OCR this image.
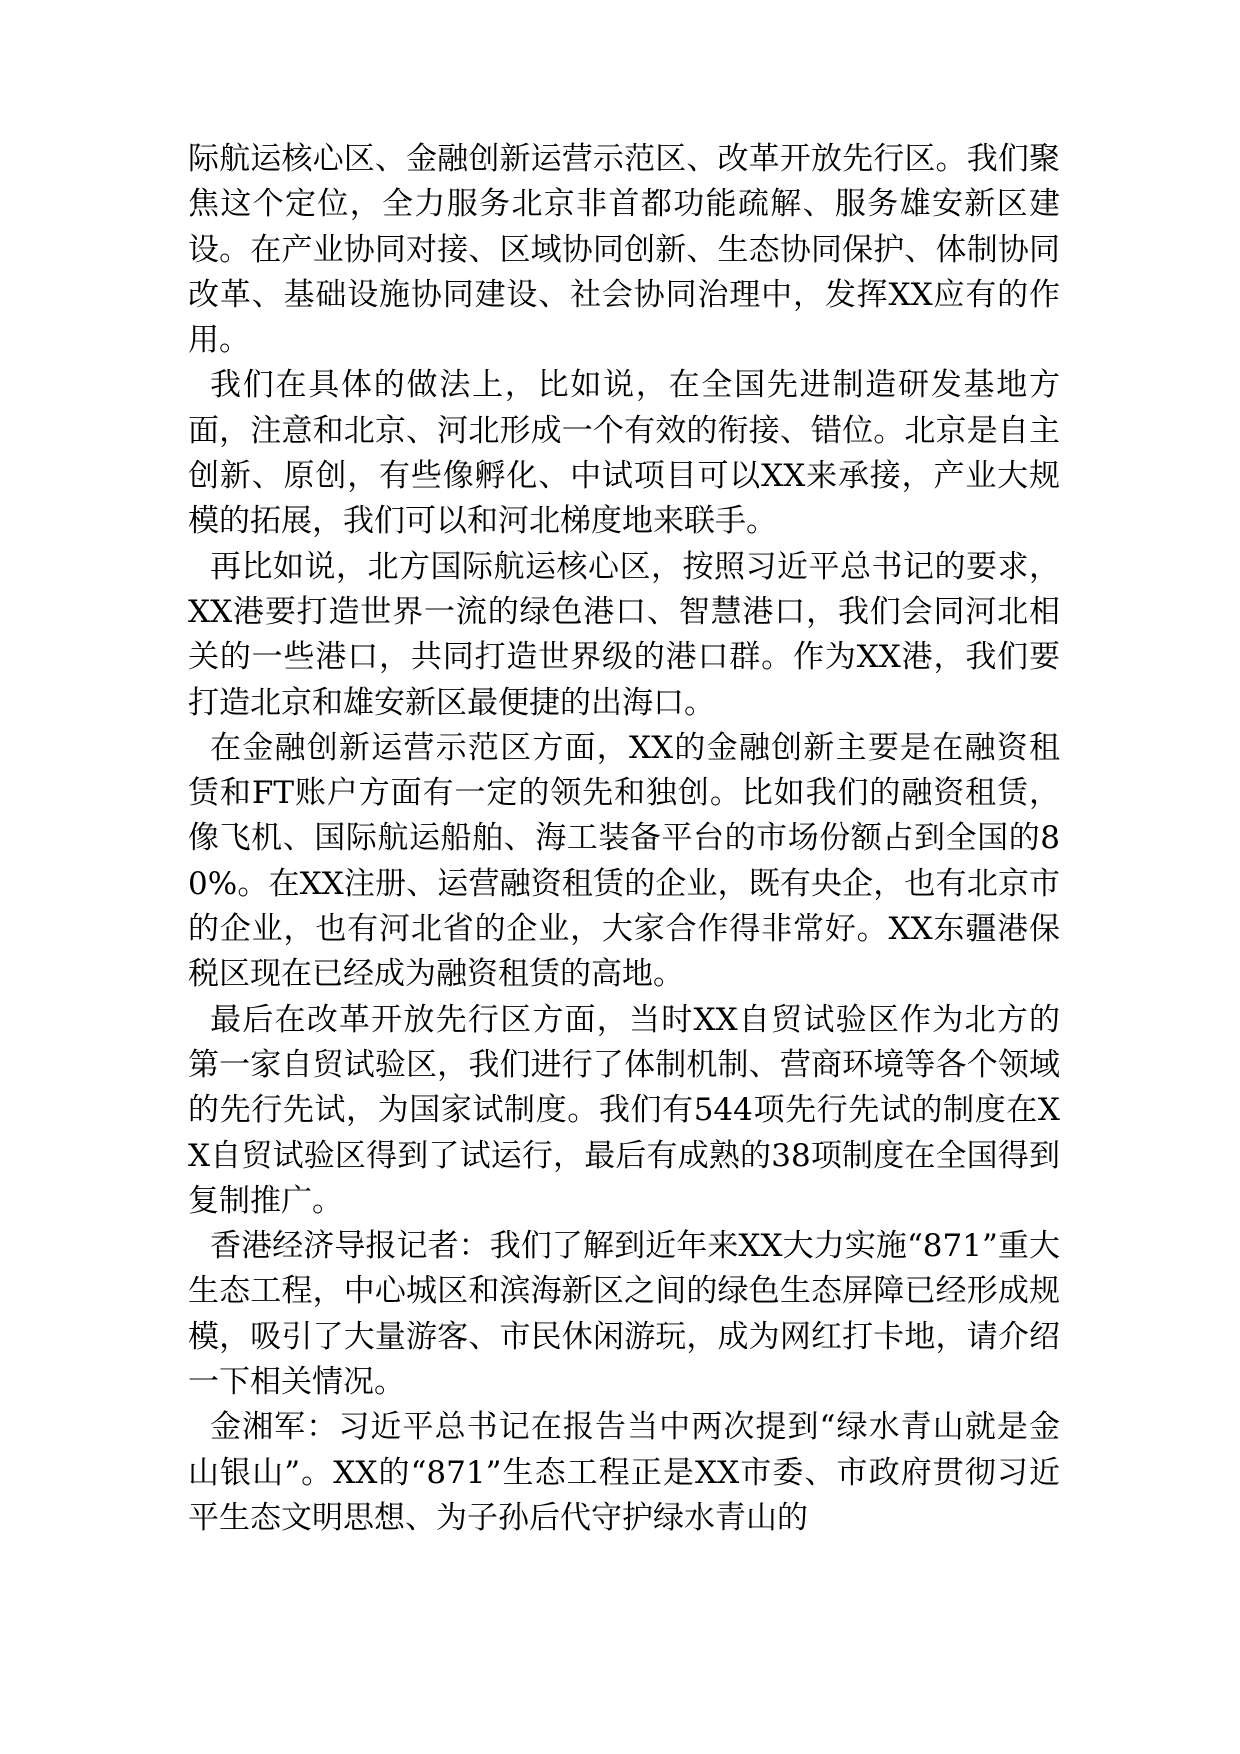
际航运核心区、金融创新运营示范区、改革开放先行区。我们聚焦这个定位，全力服务北京非首都功能疏解、服务雄安新区建设。在产业协同对接、区域协同创新、生态协同保护、体制协同改革、基础设施协同建设、社会协同治理中，发挥XX应有的作用。

我们在具体的做法上，比如说，在全国先进制造研发基地方面，注意和北京、河北形成一个有效的衔接、错位。北京是自主创新、原创，有些像孵化、中试项目可以XX来承接，产业大规模的拓展，我们可以和河北梯度地来联手。

再比如说，北方国际航运核心区，按照习近平总书记的要求，XX港要打造世界一流的绿色港口、智慧港口，我们会同河北相关的一些港口，共同打造世界级的港口群。作为XX港，我们要打造北京和雄安新区最便捷的出海口。

在金融创新运营示范区方面，XX的金融创新主要是在融资租赁和FT账户方面有一定的领先和独创。比如我们的融资租赁，像飞机、国际航运船舶、海工装备平台的市场份额占到全国的80%。在XX注册、运营融资租赁的企业，既有央企，也有北京市的企业，也有河北省的企业，大家合作得非常好。XX东疆港保税区现在已经成为融资租赁的高地。

最后在改革开放先行区方面，当时XX自贸试验区作为北方的第一家自贸试验区，我们进行了体制机制、营商环境等各个领域的先行先试，为国家试制度。我们有544项先行先试的制度在XX自贸试验区得到了试运行，最后有成熟的38项制度在全国得到复制推广。

香港经济导报记者：我们了解到近年来XX大力实施“871”重大生态工程，中心城区和滨海新区之间的绿色生态屏障已经形成规模，吸引了大量游客、市民休闲游玩，成为网红打卡地，请介绍一下相关情况。

金湘军：习近平总书记在报告当中两次提到“绿水青山就是金山银山”。XX的“871”生态工程正是XX市委、市政府贯彻习近平生态文明思想、为子孙后代守护绿水青山的
